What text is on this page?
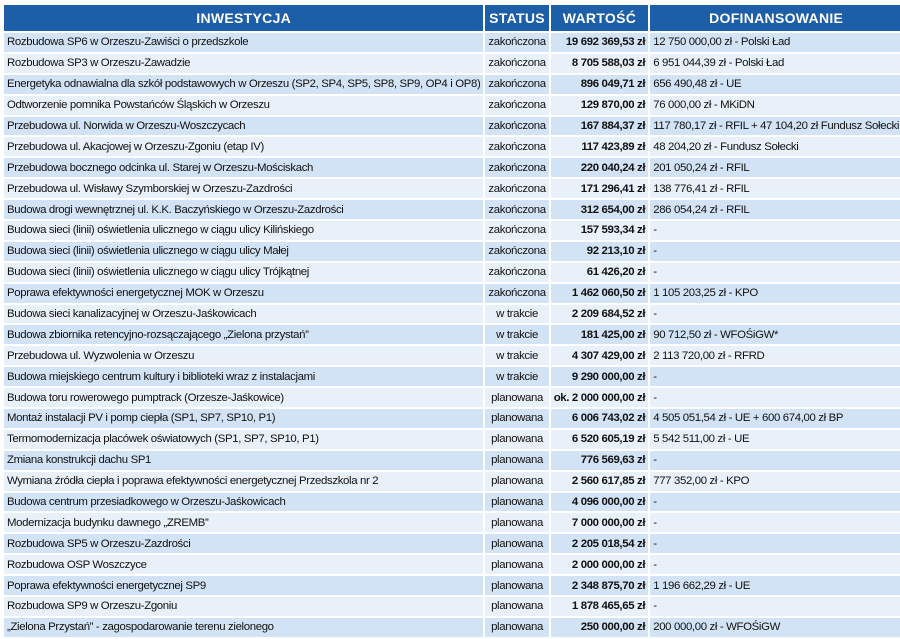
INWESTYCJA	STATUS	WARTOŚĆ	DOFINANSOWANIE
Rozbudowa SP6 w Orzeszu-Zawiści o przedszkole	zakończona	19 692 369,53 zł	12 750 000,00 zł - Polski Ład
Rozbudowa SP3 w Orzeszu-Zawadzie	zakończona	8 705 588,03 zł	6 951 044,39 zł - Polski Ład
Energetyka odnawialna dla szkół podstawowych w Orzeszu (SP2, SP4, SP5, SP8, SP9, OP4 i OP8)	zakończona	896 049,71 zł	656 490,48 zł - UE
Odtworzenie pomnika Powstańców Śląskich w Orzeszu	zakończona	129 870,00 zł	76 000,00 zł - MKiDN
Przebudowa ul. Norwida w Orzeszu-Woszczycach	zakończona	167 884,37 zł	117 780,17 zł - RFIL + 47 104,20 zł Fundusz Sołecki
Przebudowa ul. Akacjowej w Orzeszu-Zgoniu (etap IV)	zakończona	117 423,89 zł	48 204,20 zł - Fundusz Sołecki
Przebudowa bocznego odcinka ul. Starej w Orzeszu-Mościskach	zakończona	220 040,24 zł	201 050,24 zł - RFIL
Przebudowa ul. Wisławy Szymborskiej w Orzeszu-Zazdrości	zakończona	171 296,41 zł	138 776,41 zł - RFIL
Budowa drogi wewnętrznej ul. K.K. Baczyńskiego w Orzeszu-Zazdrości	zakończona	312 654,00 zł	286 054,24 zł - RFIL
Budowa sieci (linii) oświetlenia ulicznego w ciągu ulicy Kilińskiego	zakończona	157 593,34 zł	-
Budowa sieci (linii) oświetlenia ulicznego w ciągu ulicy Małej	zakończona	92 213,10 zł	-
Budowa sieci (linii) oświetlenia ulicznego w ciągu ulicy Trójkątnej	zakończona	61 426,20 zł	-
Poprawa efektywności energetycznej MOK w Orzeszu	zakończona	1 462 060,50 zł	1 105 203,25 zł - KPO
Budowa sieci kanalizacyjnej w Orzeszu-Jaśkowicach	w trakcie	2 209 684,52 zł	-
Budowa zbiornika retencyjno-rozsączającego „Zielona przystań”	w trakcie	181 425,00 zł	90 712,50 zł - WFOŚiGW*
Przebudowa ul. Wyzwolenia w Orzeszu	w trakcie	4 307 429,00 zł	2 113 720,00 zł - RFRD
Budowa miejskiego centrum kultury i biblioteki wraz z instalacjami	w trakcie	9 290 000,00 zł	-
Budowa toru rowerowego pumptrack (Orzesze-Jaśkowice)	planowana	ok. 2 000 000,00 zł	-
Montaż instalacji PV i pomp ciepła (SP1, SP7, SP10, P1)	planowana	6 006 743,02 zł	4 505 051,54 zł - UE + 600 674,00 zł BP
Termomodernizacja placówek oświatowych (SP1, SP7, SP10, P1)	planowana	6 520 605,19 zł	5 542 511,00 zł - UE
Zmiana konstrukcji dachu SP1	planowana	776 569,63 zł	-
Wymiana źródła ciepła i poprawa efektywności energetycznej Przedszkola nr 2	planowana	2 560 617,85 zł	777 352,00 zł - KPO
Budowa centrum przesiadkowego w Orzeszu-Jaśkowicach	planowana	4 096 000,00 zł	-
Modernizacja budynku dawnego „ZREMB”	planowana	7 000 000,00 zł	-
Rozbudowa SP5 w Orzeszu-Zazdrości	planowana	2 205 018,54 zł	-
Rozbudowa OSP Woszczyce	planowana	2 000 000,00 zł	-
Poprawa efektywności energetycznej SP9	planowana	2 348 875,70 zł	1 196 662,29 zł - UE
Rozbudowa SP9 w Orzeszu-Zgoniu	planowana	1 878 465,65 zł	-
„Zielona Przystań” - zagospodarowanie terenu zielonego	planowana	250 000,00 zł	200 000,00 zł - WFOŚiGW
